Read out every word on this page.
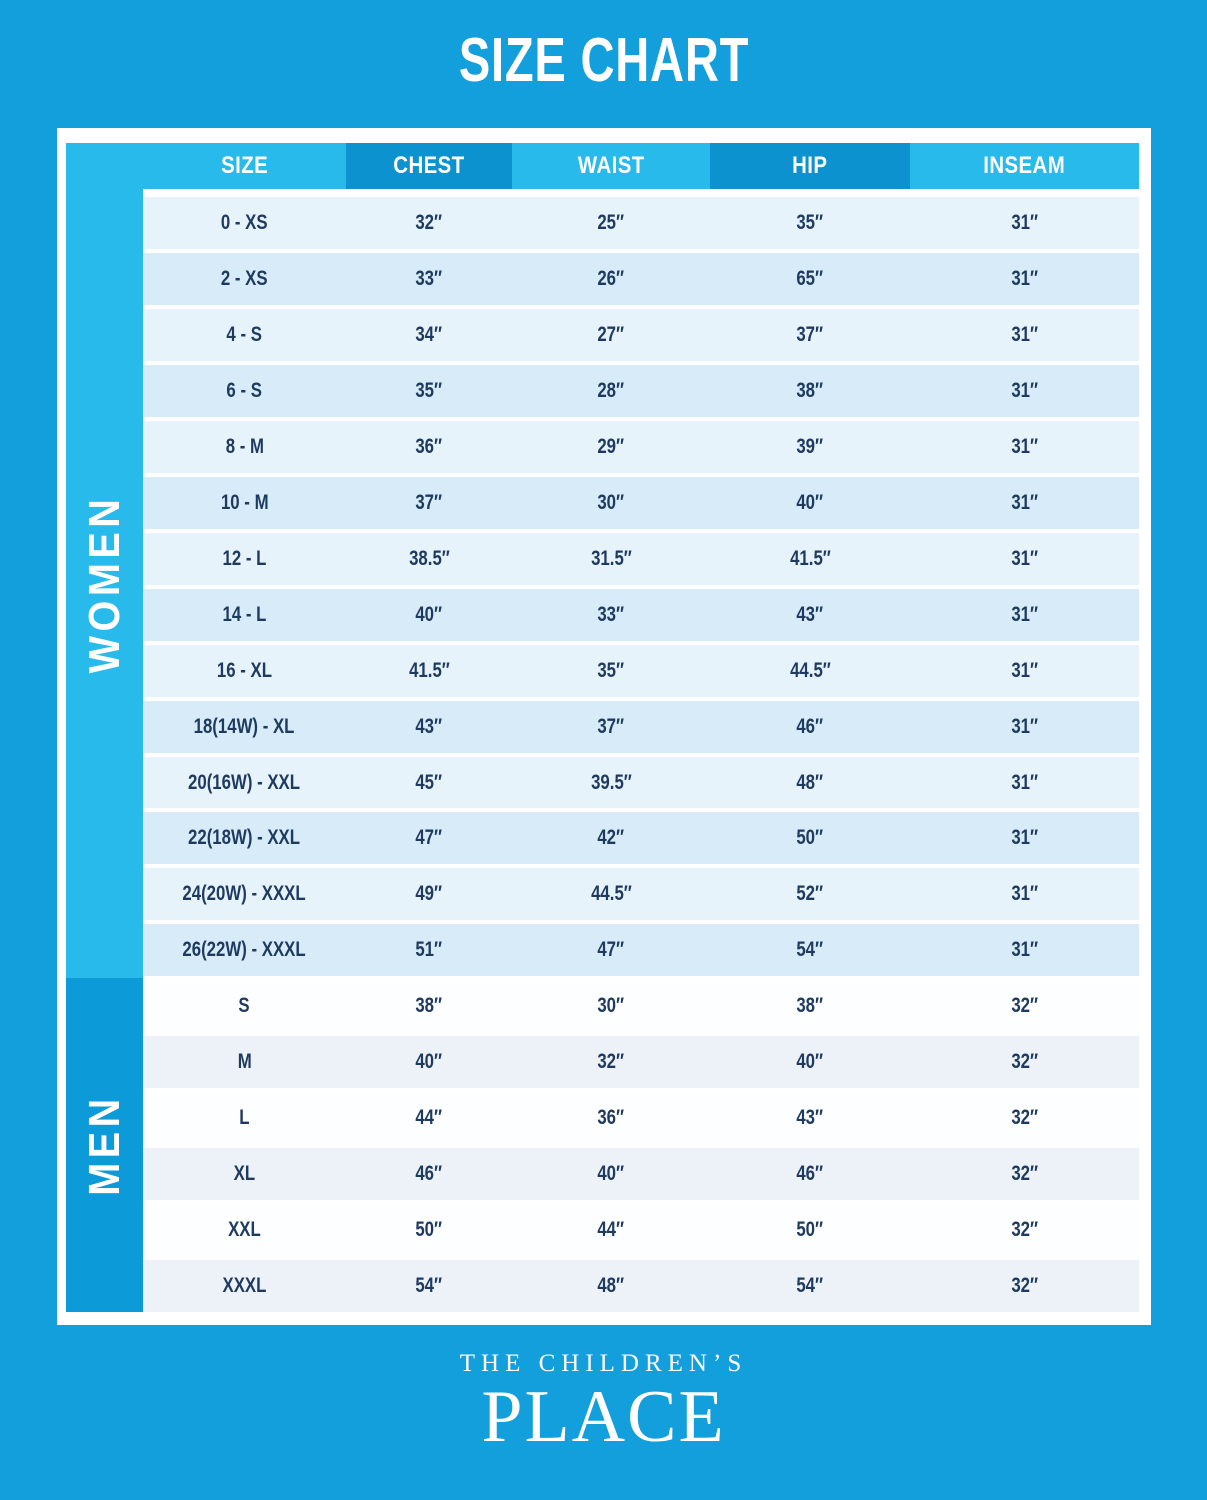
SIZE CHART
SIZE	CHEST	WAIST	HIP	INSEAM
WOMEN
MEN
0 - XS	32″	25″	35″	31″
2 - XS	33″	26″	65″	31″
4 - S	34″	27″	37″	31″
6 - S	35″	28″	38″	31″
8 - M	36″	29″	39″	31″
10 - M	37″	30″	40″	31″
12 - L	38.5″	31.5″	41.5″	31″
14 - L	40″	33″	43″	31″
16 - XL	41.5″	35″	44.5″	31″
18(14W) - XL	43″	37″	46″	31″
20(16W) - XXL	45″	39.5″	48″	31″
22(18W) - XXL	47″	42″	50″	31″
24(20W) - XXXL	49″	44.5″	52″	31″
26(22W) - XXXL	51″	47″	54″	31″
S	38″	30″	38″	32″
M	40″	32″	40″	32″
L	44″	36″	43″	32″
XL	46″	40″	46″	32″
XXL	50″	44″	50″	32″
XXXL	54″	48″	54″	32″
THE CHILDREN’S
PLACE
